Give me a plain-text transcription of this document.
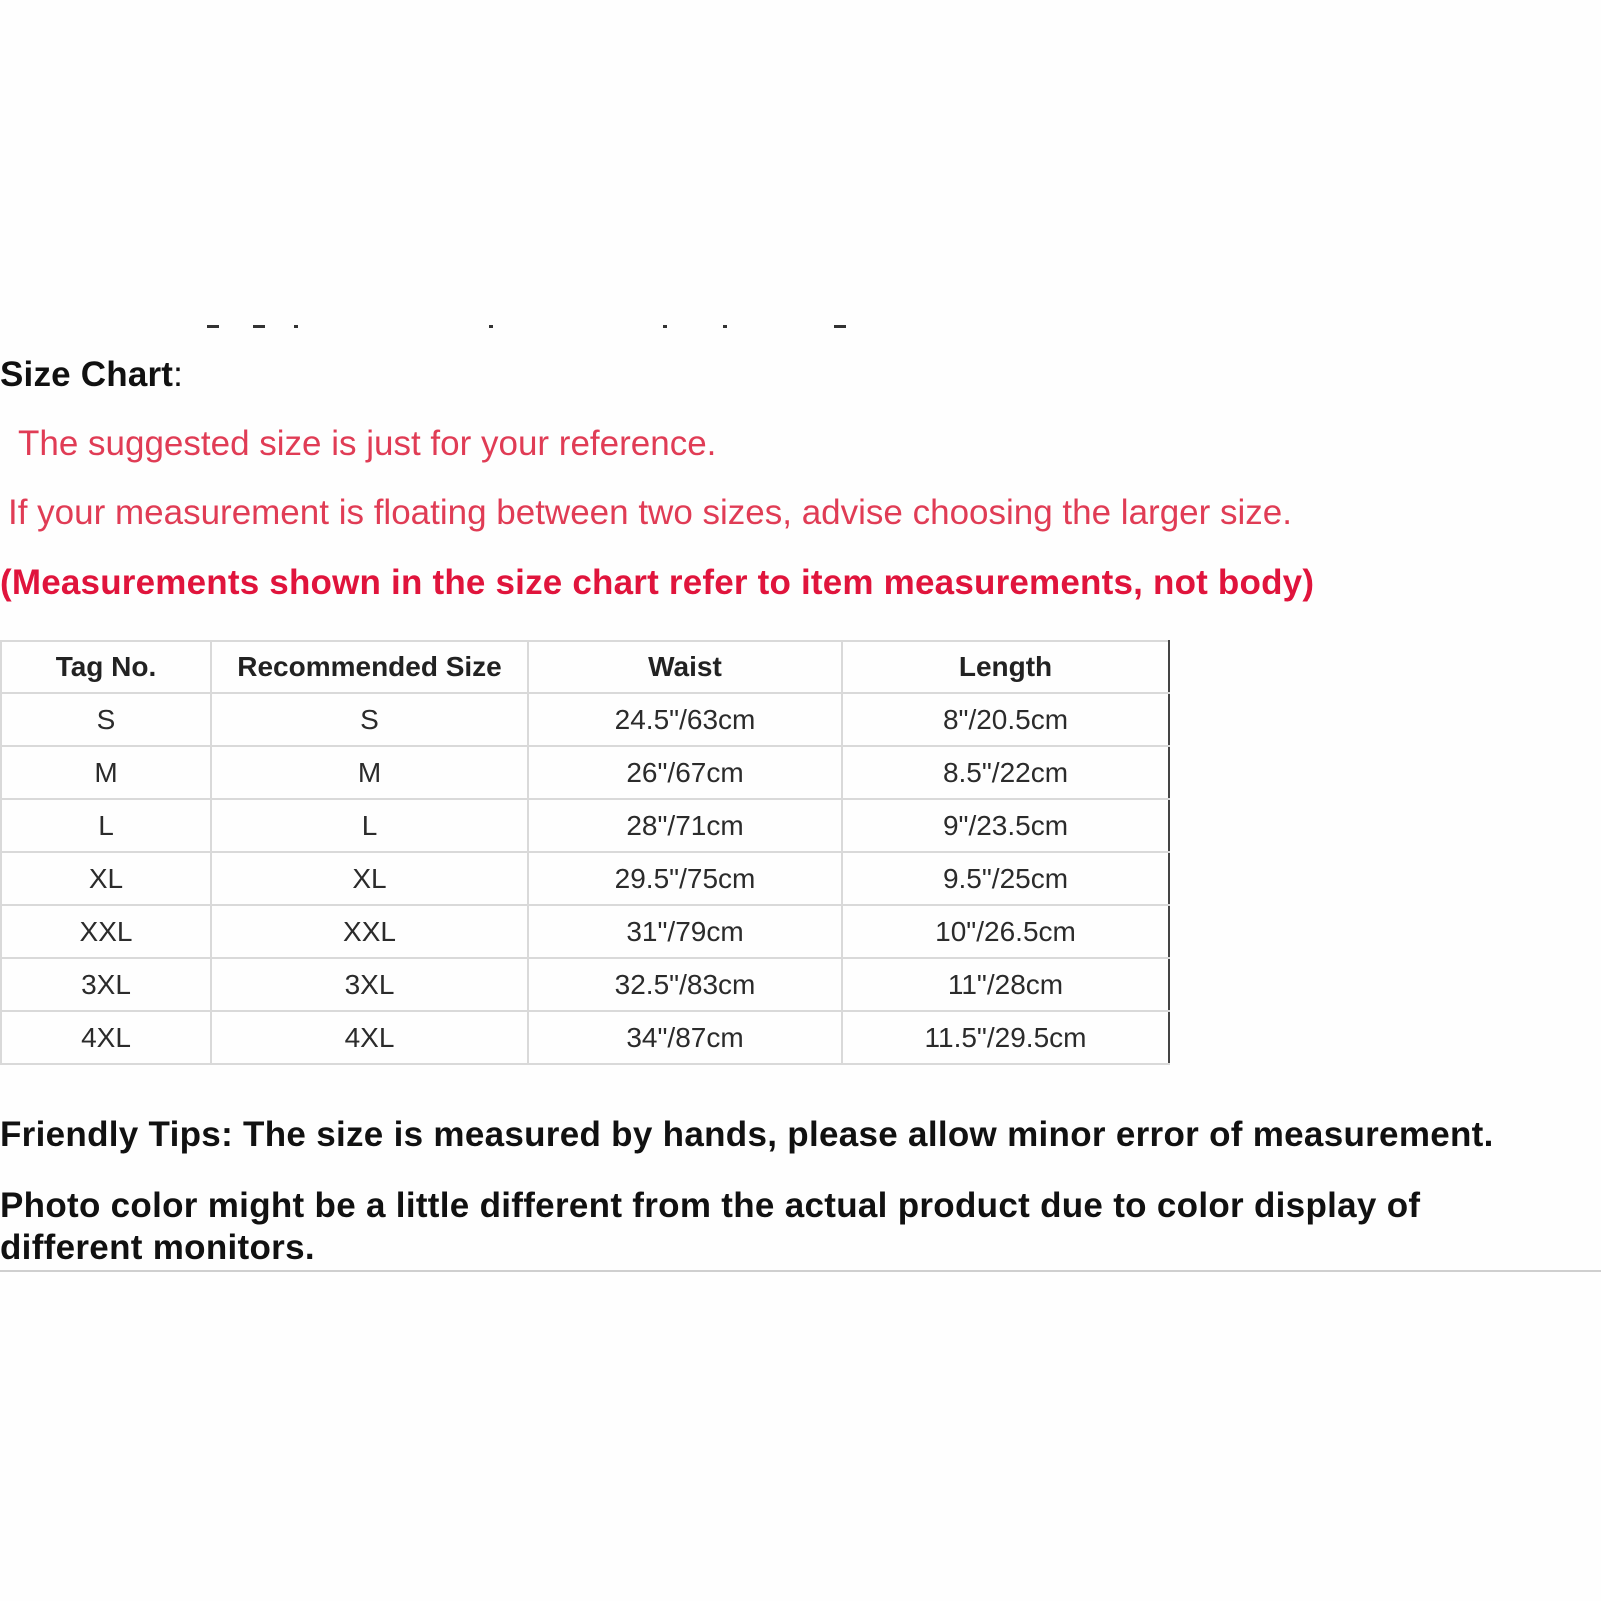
Size Chart:
The suggested size is just for your reference.
If your measurement is floating between two sizes, advise choosing the larger size.
(Measurements shown in the size chart refer to item measurements, not body)
Tag No.	Recommended Size	Waist	Length
S	S	24.5"/63cm	8"/20.5cm
M	M	26"/67cm	8.5"/22cm
L	L	28"/71cm	9"/23.5cm
XL	XL	29.5"/75cm	9.5"/25cm
XXL	XXL	31"/79cm	10"/26.5cm
3XL	3XL	32.5"/83cm	11"/28cm
4XL	4XL	34"/87cm	11.5"/29.5cm
Friendly Tips: The size is measured by hands, please allow minor error of measurement.
Photo color might be a little different from the actual product due to color display of different monitors.
